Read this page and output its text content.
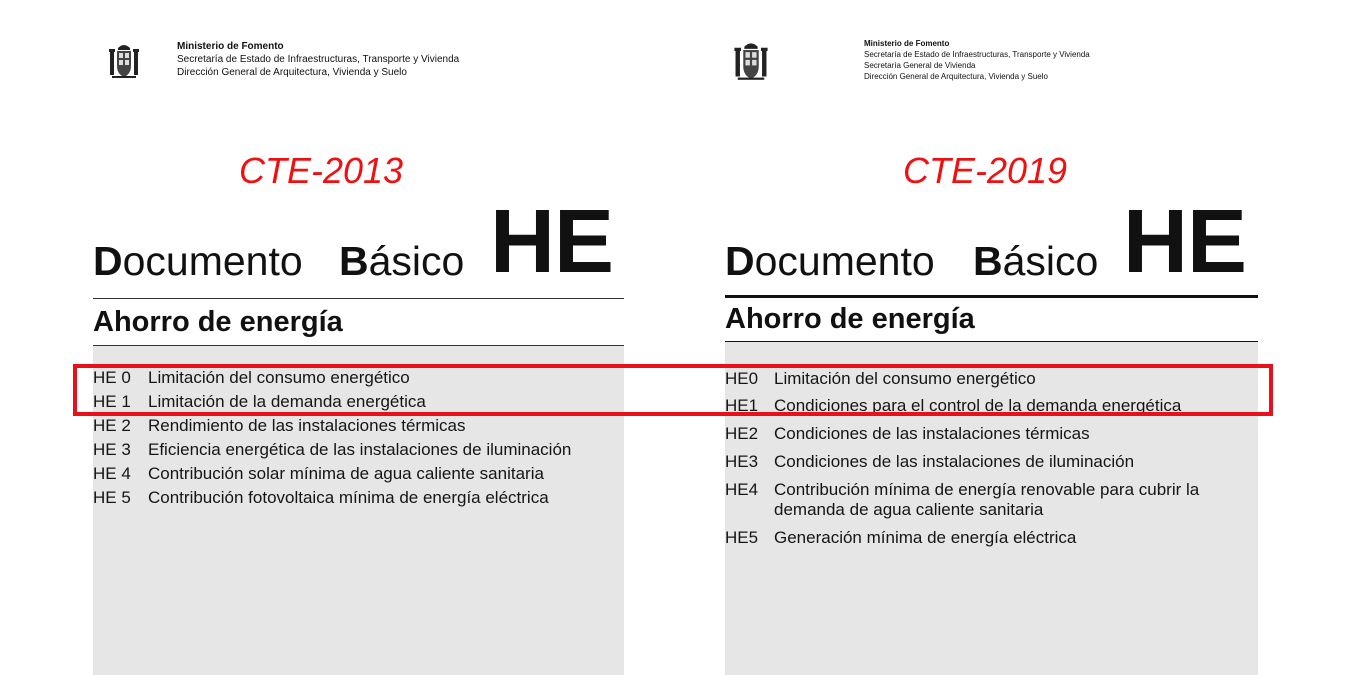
Ministerio de Fomento
Secretaría de Estado de Infraestructuras, Transporte y Vivienda
Dirección General de Arquitectura, Vivienda y Suelo
CTE-2013
Documento Básico HE
Ahorro de energía
HE 0 Limitación del consumo energético
HE 1 Limitación de la demanda energética
HE 2 Rendimiento de las instalaciones térmicas
HE 3 Eficiencia energética de las instalaciones de iluminación
HE 4 Contribución solar mínima de agua caliente sanitaria
HE 5 Contribución fotovoltaica mínima de energía eléctrica
Ministerio de Fomento
Secretaría de Estado de Infraestructuras, Transporte y Vivienda
Secretaría General de Vivienda
Dirección General de Arquitectura, Vivienda y Suelo
CTE-2019
Documento Básico HE
Ahorro de energía
HE0 Limitación del consumo energético
HE1 Condiciones para el control de la demanda energética
HE2 Condiciones de las instalaciones térmicas
HE3 Condiciones de las instalaciones de iluminación
HE4 Contribución mínima de energía renovable para cubrir la
demanda de agua caliente sanitaria
HE5 Generación mínima de energía eléctrica
